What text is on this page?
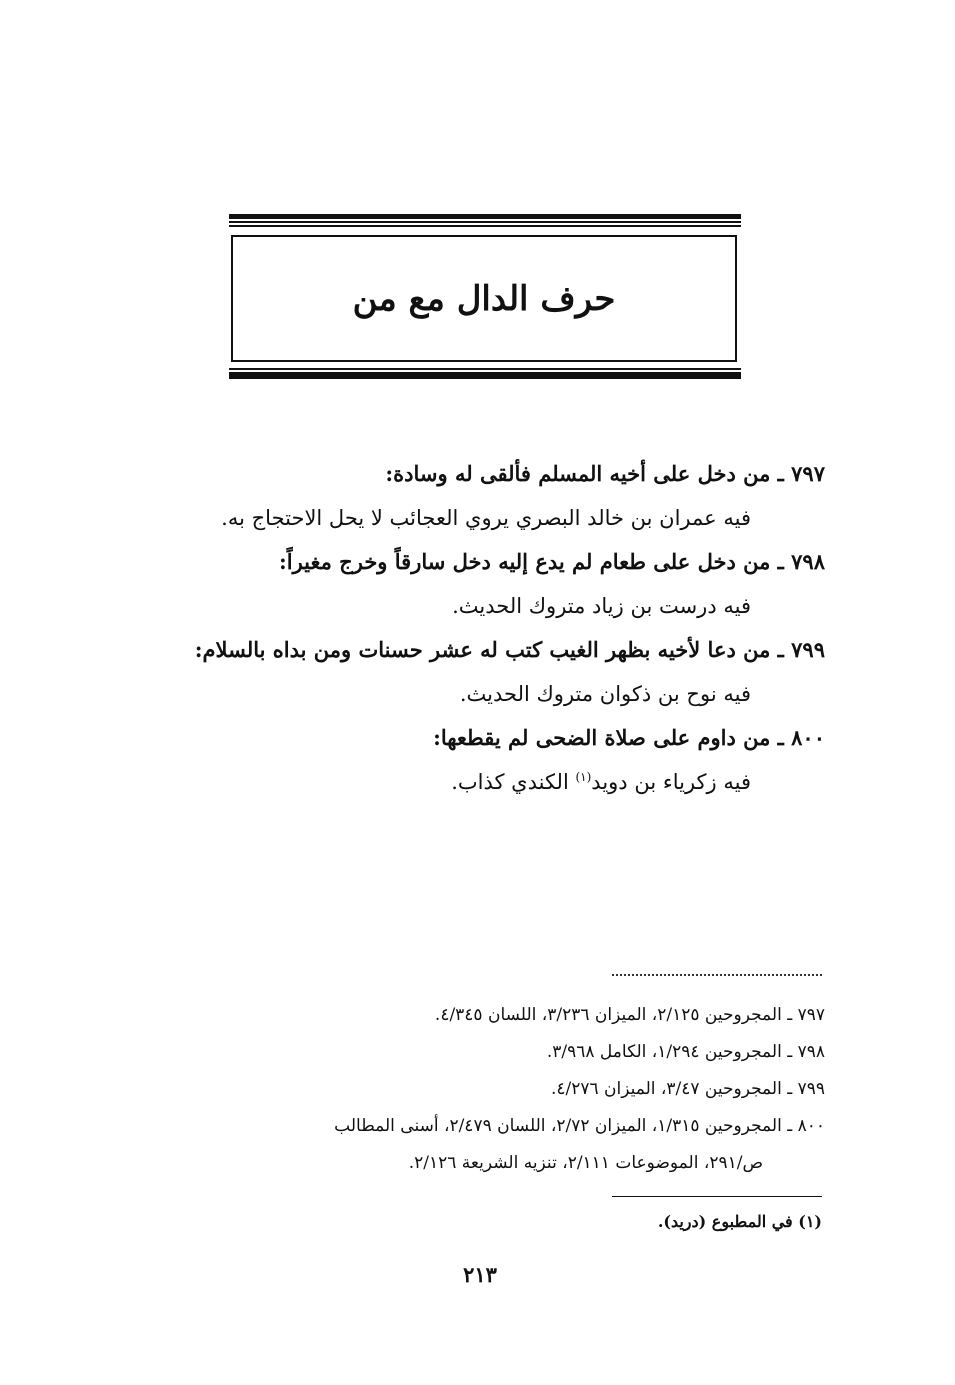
حرف الدال مع من
٧٩٧ ـ من دخل على أخيه المسلم فألقى له وسادة:
فيه عمران بن خالد البصري يروي العجائب لا يحل الاحتجاج به.
٧٩٨ ـ من دخل على طعام لم يدع إليه دخل سارقاً وخرج مغيراً:
فيه درست بن زياد متروك الحديث.
٧٩٩ ـ من دعا لأخيه بظهر الغيب كتب له عشر حسنات ومن بداه بالسلام:
فيه نوح بن ذكوان متروك الحديث.
٨٠٠ ـ من داوم على صلاة الضحى لم يقطعها:
فيه زكرياء بن دويد$^{(١)}$ الكندي كذاب.
٧٩٧ ـ المجروحين ٢/١٢٥، الميزان ٣/٢٣٦، اللسان ٤/٣٤٥.
٧٩٨ ـ المجروحين ١/٢٩٤، الكامل ٣/٩٦٨.
٧٩٩ ـ المجروحين ٣/٤٧، الميزان ٤/٢٧٦.
٨٠٠ ـ المجروحين ١/٣١٥، الميزان ٢/٧٢، اللسان ٢/٤٧٩، أسنى المطالب
ص/٢٩١، الموضوعات ٢/١١١، تنزيه الشريعة ٢/١٢٦.
(١) في المطبوع (دريد).
٢١٣
